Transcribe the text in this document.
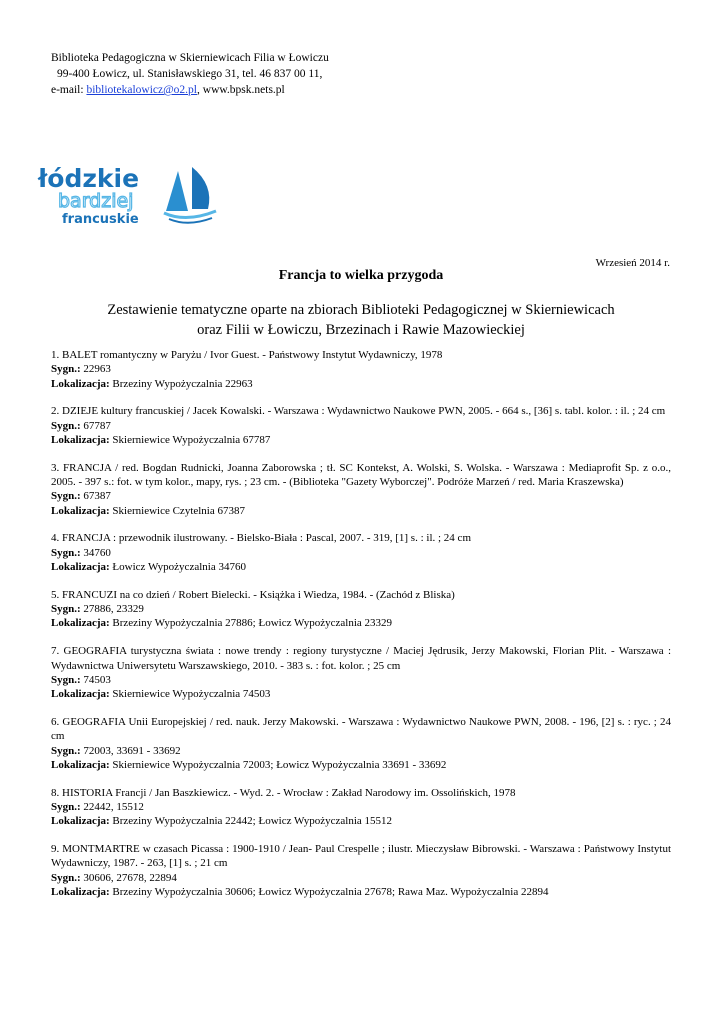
Biblioteka Pedagogiczna w Skierniewicach Filia w Łowiczu
99-400 Łowicz, ul. Stanisławskiego 31, tel. 46 837 00 11,
e-mail: bibliotekalowicz@o2.pl, www.bpsk.nets.pl
łódzkie
bardziej
francuskie
Wrzesień 2014 r.
Francja to wielka przygoda
Zestawienie tematyczne oparte na zbiorach Biblioteki Pedagogicznej w Skierniewicach
oraz Filii w Łowiczu, Brzezinach i Rawie Mazowieckiej
1. BALET romantyczny w Paryżu / Ivor Guest. - Państwowy Instytut Wydawniczy, 1978
Sygn.: 22963
Lokalizacja: Brzeziny Wypożyczalnia 22963
2. DZIEJE kultury francuskiej / Jacek Kowalski. - Warszawa : Wydawnictwo Naukowe PWN, 2005. - 664 s., [36] s. tabl. kolor. : il. ; 24 cm
Sygn.: 67787
Lokalizacja: Skierniewice Wypożyczalnia 67787
3. FRANCJA / red. Bogdan Rudnicki, Joanna Zaborowska ; tł. SC Kontekst, A. Wolski, S. Wolska. - Warszawa : Mediaprofit Sp. z o.o., 2005. - 397 s.: fot. w tym kolor., mapy, rys. ; 23 cm. - (Biblioteka "Gazety Wyborczej". Podróże Marzeń / red. Maria Kraszewska)
Sygn.: 67387
Lokalizacja: Skierniewice Czytelnia 67387
4. FRANCJA : przewodnik ilustrowany. - Bielsko-Biała : Pascal, 2007. - 319, [1] s. : il. ; 24 cm
Sygn.: 34760
Lokalizacja: Łowicz Wypożyczalnia 34760
5. FRANCUZI na co dzień / Robert Bielecki. - Książka i Wiedza, 1984. - (Zachód z Bliska)
Sygn.: 27886, 23329
Lokalizacja: Brzeziny Wypożyczalnia 27886; Łowicz Wypożyczalnia 23329
7. GEOGRAFIA turystyczna świata : nowe trendy : regiony turystyczne / Maciej Jędrusik, Jerzy Makowski, Florian Plit. - Warszawa : Wydawnictwa Uniwersytetu Warszawskiego, 2010. - 383 s. : fot. kolor. ; 25 cm
Sygn.: 74503
Lokalizacja: Skierniewice Wypożyczalnia 74503
6. GEOGRAFIA Unii Europejskiej / red. nauk. Jerzy Makowski. - Warszawa : Wydawnictwo Naukowe PWN, 2008. - 196, [2] s. : ryc. ; 24 cm
Sygn.: 72003, 33691 - 33692
Lokalizacja: Skierniewice Wypożyczalnia 72003; Łowicz Wypożyczalnia 33691 - 33692
8. HISTORIA Francji / Jan Baszkiewicz. - Wyd. 2. - Wrocław : Zakład Narodowy im. Ossolińskich, 1978
Sygn.: 22442, 15512
Lokalizacja: Brzeziny Wypożyczalnia 22442; Łowicz Wypożyczalnia 15512
9. MONTMARTRE w czasach Picassa : 1900-1910 / Jean- Paul Crespelle ; ilustr. Mieczysław Bibrowski. - Warszawa : Państwowy Instytut Wydawniczy, 1987. - 263, [1] s. ; 21 cm
Sygn.: 30606, 27678, 22894
Lokalizacja: Brzeziny Wypożyczalnia 30606; Łowicz Wypożyczalnia 27678; Rawa Maz. Wypożyczalnia 22894
